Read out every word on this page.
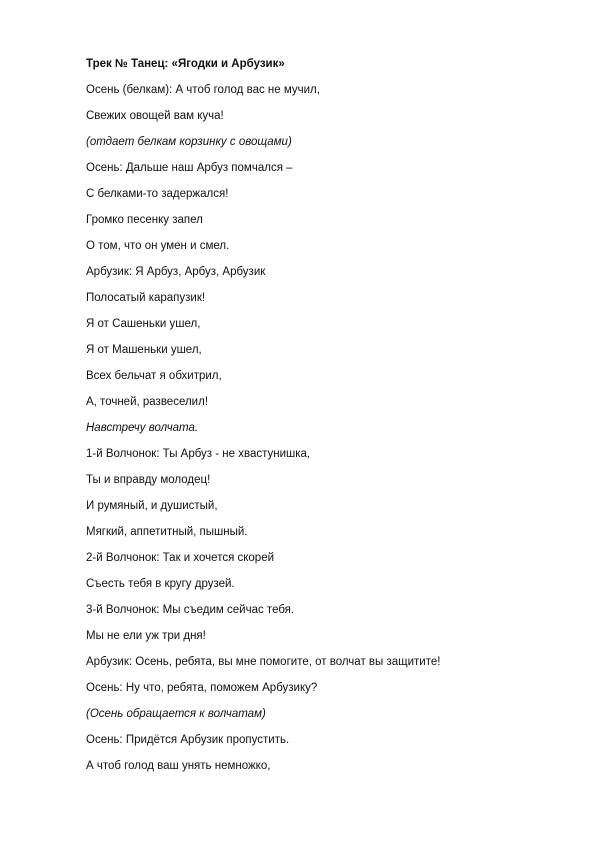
Трек № Танец: «Ягодки и Арбузик»
Осень (белкам): А чтоб голод вас не мучил,
Свежих овощей вам куча!
(отдает белкам корзинку с овощами)
Осень: Дальше наш Арбуз помчался –
С белками-то задержался!
Громко песенку запел
О том, что он умен и смел.
Арбузик: Я Арбуз, Арбуз, Арбузик
Полосатый карапузик!
Я от Сашеньки ушел,
Я от Машеньки ушел,
Всех бельчат я обхитрил,
А, точней, развеселил!
Навстречу волчата.
1-й Волчонок: Ты Арбуз - не хвастунишка,
Ты и вправду молодец!
И румяный, и душистый,
Мягкий, аппетитный, пышный.
2-й Волчонок: Так и хочется скорей
Съесть тебя в кругу друзей.
3-й Волчонок: Мы съедим сейчас тебя.
Мы не ели уж три дня!
Арбузик: Осень, ребята, вы мне помогите, от волчат вы защитите!
Осень: Ну что, ребята, поможем Арбузику?
(Осень обращается к волчатам)
Осень: Придётся Арбузик пропустить.
А чтоб голод ваш унять немножко,
